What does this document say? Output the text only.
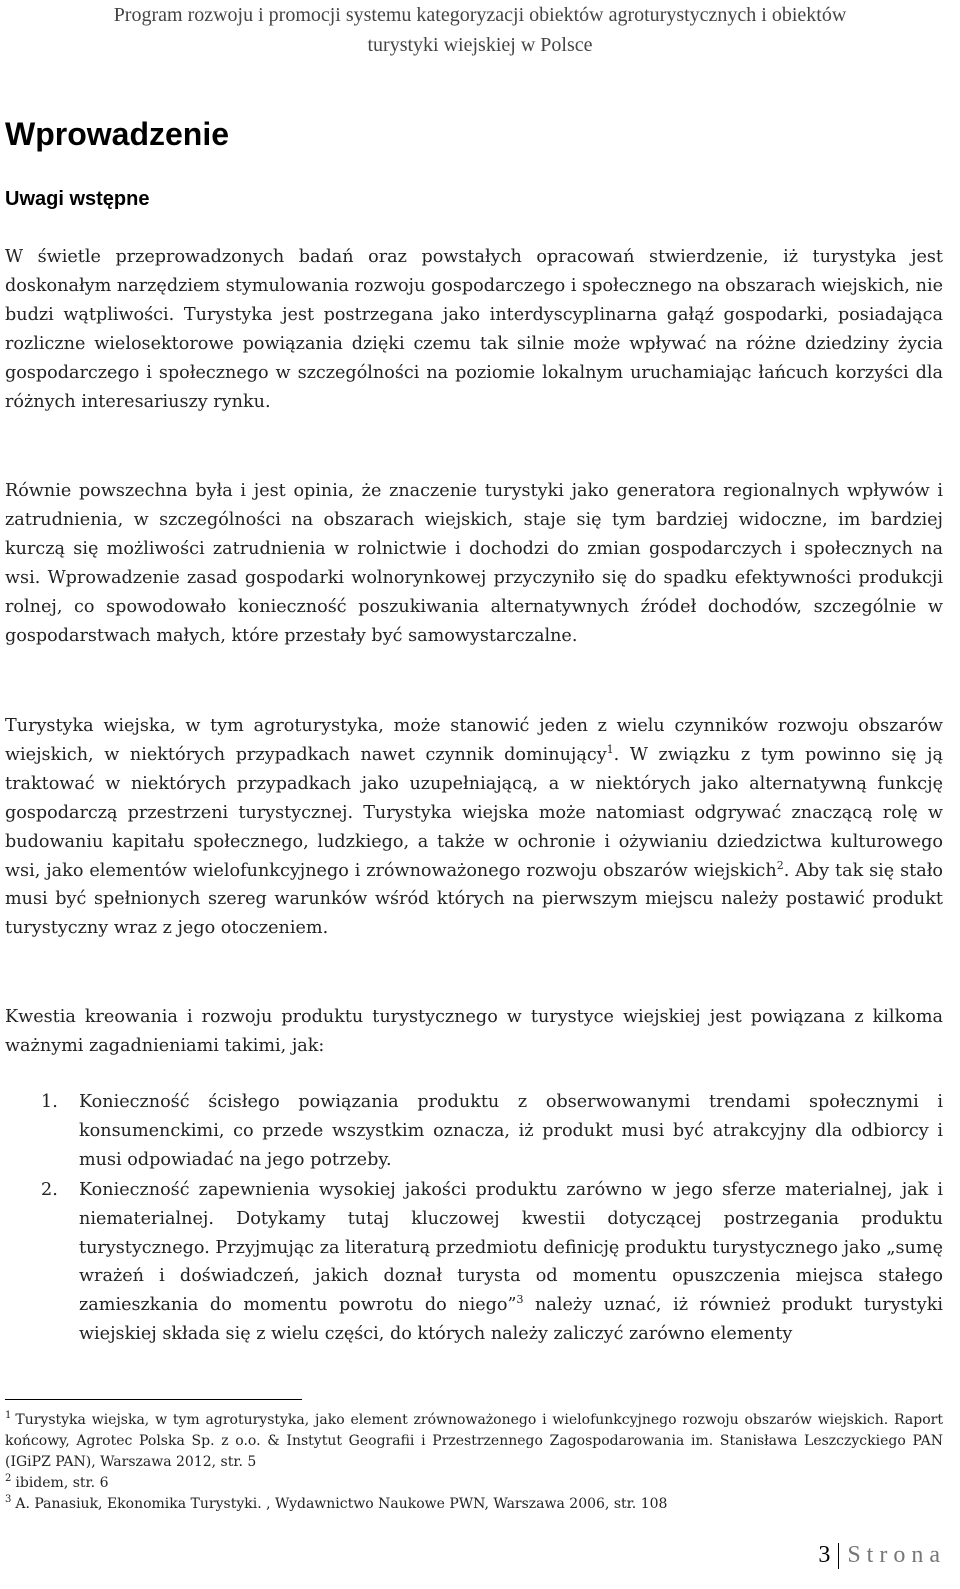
Program rozwoju i promocji systemu kategoryzacji obiektów agroturystycznych i obiektów
turystyki wiejskiej w Polsce
Wprowadzenie
Uwagi wstępne

W świetle przeprowadzonych badań oraz powstałych opracowań stwierdzenie, iż turystyka jest doskonałym narzędziem stymulowania rozwoju gospodarczego i społecznego na obszarach wiejskich, nie budzi wątpliwości. Turystyka jest postrzegana jako interdyscyplinarna gałąź gospodarki, posiadająca rozliczne wielosektorowe powiązania dzięki czemu tak silnie może wpływać na różne dziedziny życia gospodarczego i społecznego w szczególności na poziomie lokalnym uruchamiając łańcuch korzyści dla różnych interesariuszy rynku.

Równie powszechna była i jest opinia, że znaczenie turystyki jako generatora regionalnych wpływów i zatrudnienia, w szczególności na obszarach wiejskich, staje się tym bardziej widoczne, im bardziej kurczą się możliwości zatrudnienia w rolnictwie i dochodzi do zmian gospodarczych i społecznych na wsi. Wprowadzenie zasad gospodarki wolnorynkowej przyczyniło się do spadku efektywności produkcji rolnej, co spowodowało konieczność poszukiwania alternatywnych źródeł dochodów, szczególnie w gospodarstwach małych, które przestały być samowystarczalne.

Turystyka wiejska, w tym agroturystyka, może stanowić jeden z wielu czynników rozwoju obszarów wiejskich, w niektórych przypadkach nawet czynnik dominujący$^1$. W związku z tym powinno się ją traktować w niektórych przypadkach jako uzupełniającą, a w niektórych jako alternatywną funkcję gospodarczą przestrzeni turystycznej. Turystyka wiejska może natomiast odgrywać znaczącą rolę w budowaniu kapitału społecznego, ludzkiego, a także w ochronie i ożywianiu dziedzictwa kulturowego wsi, jako elementów wielofunkcyjnego i zrównoważonego rozwoju obszarów wiejskich$^2$. Aby tak się stało musi być spełnionych szereg warunków wśród których na pierwszym miejscu należy postawić produkt turystyczny wraz z jego otoczeniem.

Kwestia kreowania i rozwoju produktu turystycznego w turystyce wiejskiej jest powiązana z kilkoma ważnymi zagadnieniami takimi, jak:

1. Konieczność ścisłego powiązania produktu z obserwowanymi trendami społecznymi i konsumenckimi, co przede wszystkim oznacza, iż produkt musi być atrakcyjny dla odbiorcy i musi odpowiadać na jego potrzeby.
2. Konieczność zapewnienia wysokiej jakości produktu zarówno w jego sferze materialnej, jak i niematerialnej. Dotykamy tutaj kluczowej kwestii dotyczącej postrzegania produktu turystycznego. Przyjmując za literaturą przedmiotu definicję produktu turystycznego jako „sumę wrażeń i doświadczeń, jakich doznał turysta od momentu opuszczenia miejsca stałego zamieszkania do momentu powrotu do niego”$^3$ należy uznać, iż również produkt turystyki wiejskiej składa się z wielu części, do których należy zaliczyć zarówno elementy

$^1$ Turystyka wiejska, w tym agroturystyka, jako element zrównoważonego i wielofunkcyjnego rozwoju obszarów wiejskich. Raport końcowy, Agrotec Polska Sp. z o.o. & Instytut Geografii i Przestrzennego Zagospodarowania im. Stanisława Leszczyckiego PAN (IGiPZ PAN), Warszawa 2012, str. 5

$^2$ ibidem, str. 6

$^3$ A. Panasiuk, Ekonomika Turystyki. , Wydawnictwo Naukowe PWN, Warszawa 2006, str. 108

3 Strona
